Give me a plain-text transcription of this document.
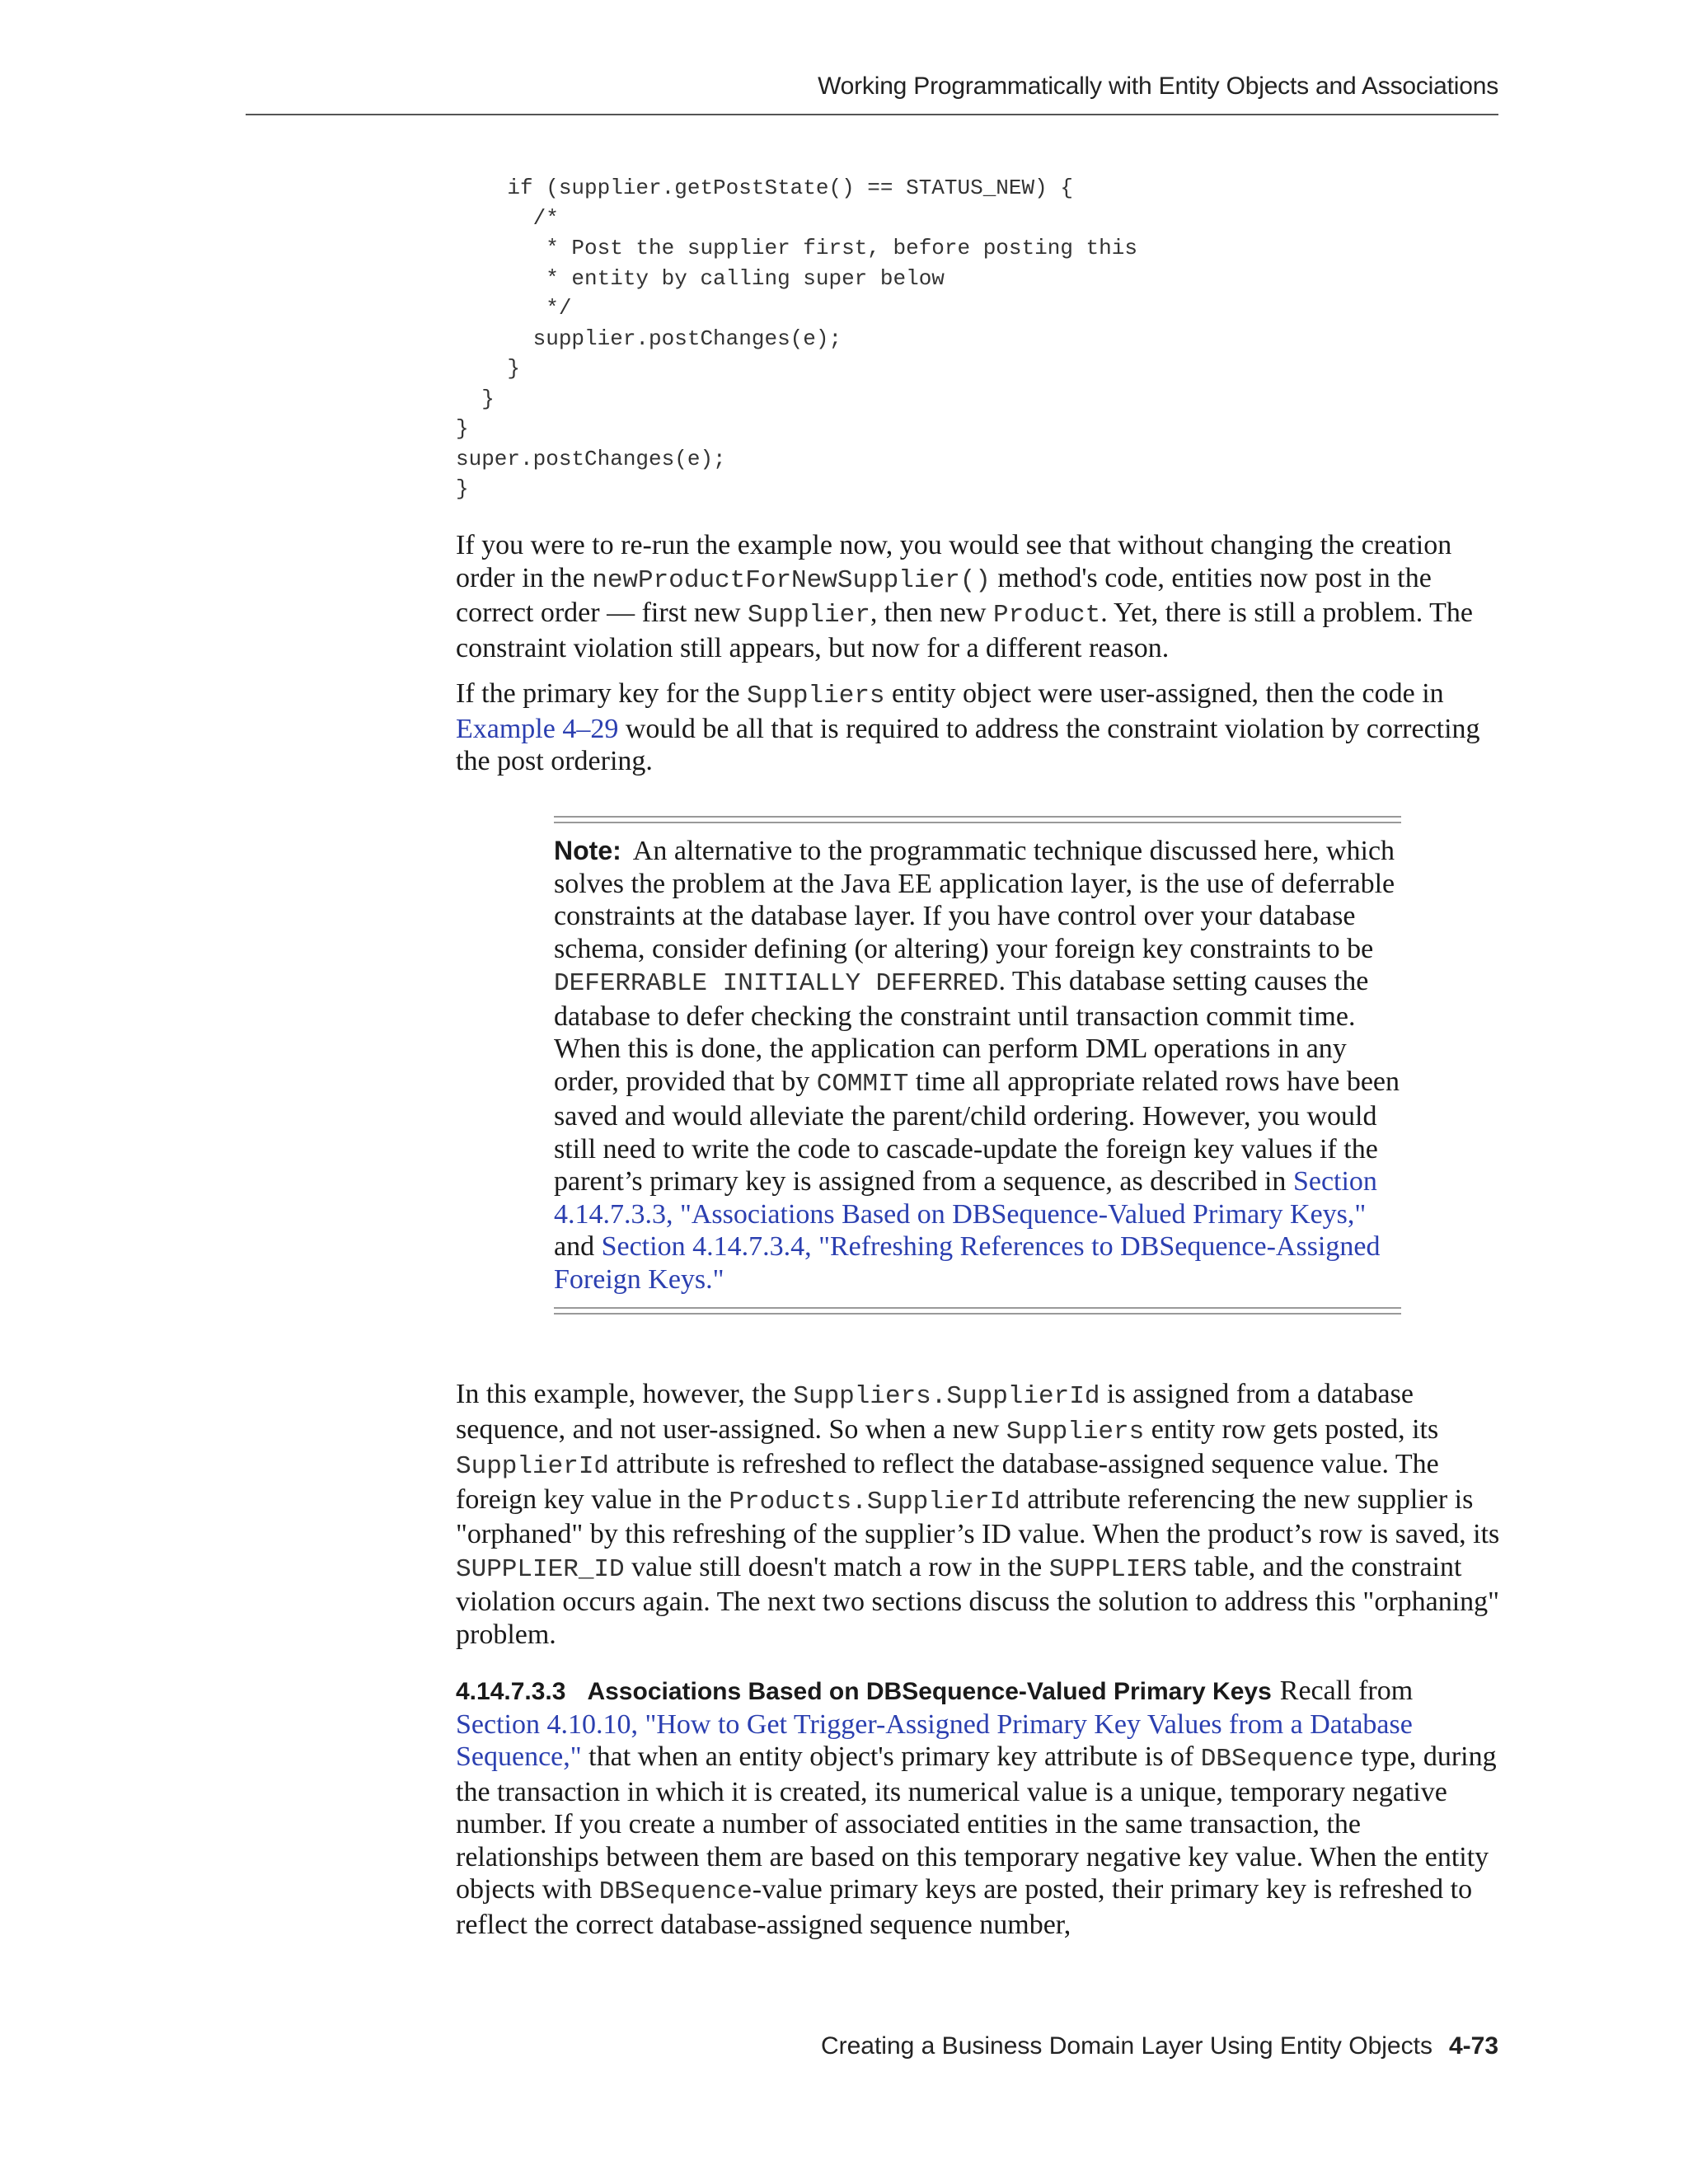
Working Programmatically with Entity Objects and Associations
if (supplier.getPostState() == STATUS_NEW) {
/*
* Post the supplier first, before posting this
* entity by calling super below
*/
supplier.postChanges(e);
}
}
}
super.postChanges(e);
}

If you were to re-run the example now, you would see that without changing the creation order in the newProductForNewSupplier() method's code, entities now post in the correct order — first new Supplier, then new Product. Yet, there is still a problem. The constraint violation still appears, but now for a different reason.

If the primary key for the Suppliers entity object were user-assigned, then the code in Example 4–29 would be all that is required to address the constraint violation by correcting the post ordering.

Note: An alternative to the programmatic technique discussed here, which solves the problem at the Java EE application layer, is the use of deferrable constraints at the database layer. If you have control over your database schema, consider defining (or altering) your foreign key constraints to be DEFERRABLE INITIALLY DEFERRED. This database setting causes the database to defer checking the constraint until transaction commit time. When this is done, the application can perform DML operations in any order, provided that by COMMIT time all appropriate related rows have been saved and would alleviate the parent/child ordering. However, you would still need to write the code to cascade-update the foreign key values if the parent’s primary key is assigned from a sequence, as described in Section 4.14.7.3.3, "Associations Based on DBSequence-Valued Primary Keys," and Section 4.14.7.3.4, "Refreshing References to DBSequence-Assigned Foreign Keys."

In this example, however, the Suppliers.SupplierId is assigned from a database sequence, and not user-assigned. So when a new Suppliers entity row gets posted, its SupplierId attribute is refreshed to reflect the database-assigned sequence value. The foreign key value in the Products.SupplierId attribute referencing the new supplier is "orphaned" by this refreshing of the supplier’s ID value. When the product’s row is saved, its SUPPLIER_ID value still doesn't match a row in the SUPPLIERS table, and the constraint violation occurs again. The next two sections discuss the solution to address this "orphaning" problem.

4.14.7.3.3 Associations Based on DBSequence-Valued Primary Keys Recall from Section 4.10.10, "How to Get Trigger-Assigned Primary Key Values from a Database Sequence," that when an entity object's primary key attribute is of DBSequence type, during the transaction in which it is created, its numerical value is a unique, temporary negative number. If you create a number of associated entities in the same transaction, the relationships between them are based on this temporary negative key value. When the entity objects with DBSequence-value primary keys are posted, their primary key is refreshed to reflect the correct database-assigned sequence number,

Creating a Business Domain Layer Using Entity Objects 4-73
